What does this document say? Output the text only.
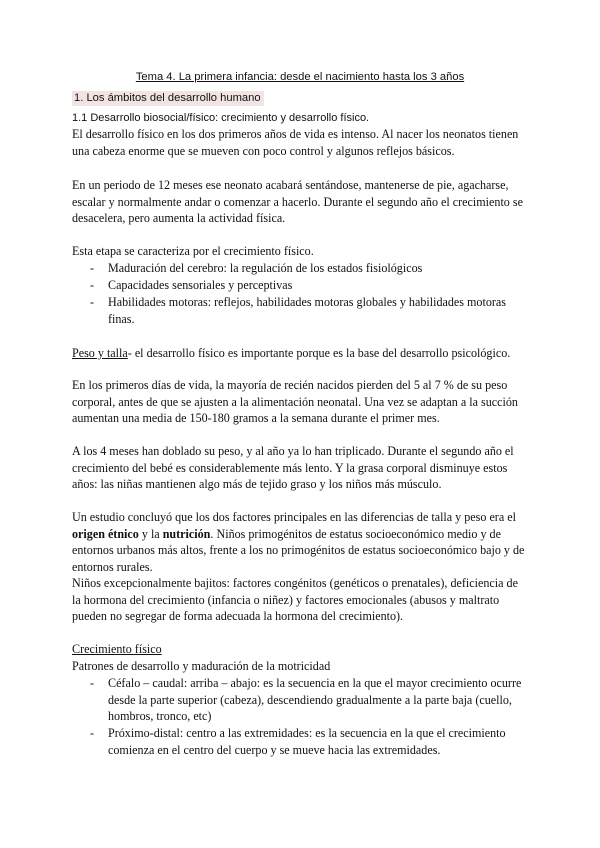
Tema 4. La primera infancia: desde el nacimiento hasta los 3 años
1. Los ámbitos del desarrollo humano
1.1 Desarrollo biosocial/físico: crecimiento y desarrollo físico.
El desarrollo físico en los dos primeros años de vida es intenso. Al nacer los neonatos tienen
una cabeza enorme que se mueven con poco control y algunos reflejos básicos.
En un periodo de 12 meses ese neonato acabará sentándose, mantenerse de pie, agacharse,
escalar y normalmente andar o comenzar a hacerlo. Durante el segundo año el crecimiento se
desacelera, pero aumenta la actividad física.
Esta etapa se caracteriza por el crecimiento físico.
- Maduración del cerebro: la regulación de los estados fisiológicos
- Capacidades sensoriales y perceptivas
- Habilidades motoras: reflejos, habilidades motoras globales y habilidades motoras
finas.
Peso y talla- el desarrollo físico es importante porque es la base del desarrollo psicológico.
En los primeros días de vida, la mayoría de recién nacidos pierden del 5 al 7 % de su peso
corporal, antes de que se ajusten a la alimentación neonatal. Una vez se adaptan a la succión
aumentan una media de 150-180 gramos a la semana durante el primer mes.
A los 4 meses han doblado su peso, y al año ya lo han triplicado. Durante el segundo año el
crecimiento del bebé es considerablemente más lento. Y la grasa corporal disminuye estos
años: las niñas mantienen algo más de tejido graso y los niños más músculo.
Un estudio concluyó que los dos factores principales en las diferencias de talla y peso era el
origen étnico y la nutrición. Niños primogénitos de estatus socioeconómico medio y de
entornos urbanos más altos, frente a los no primogénitos de estatus socioeconómico bajo y de
entornos rurales.
Niños excepcionalmente bajitos: factores congénitos (genéticos o prenatales), deficiencia de
la hormona del crecimiento (infancia o niñez) y factores emocionales (abusos y maltrato
pueden no segregar de forma adecuada la hormona del crecimiento).
Crecimiento físico
Patrones de desarrollo y maduración de la motricidad
- Céfalo – caudal: arriba – abajo: es la secuencia en la que el mayor crecimiento ocurre
desde la parte superior (cabeza), descendiendo gradualmente a la parte baja (cuello,
hombros, tronco, etc)
- Próximo-distal: centro a las extremidades: es la secuencia en la que el crecimiento
comienza en el centro del cuerpo y se mueve hacia las extremidades.
